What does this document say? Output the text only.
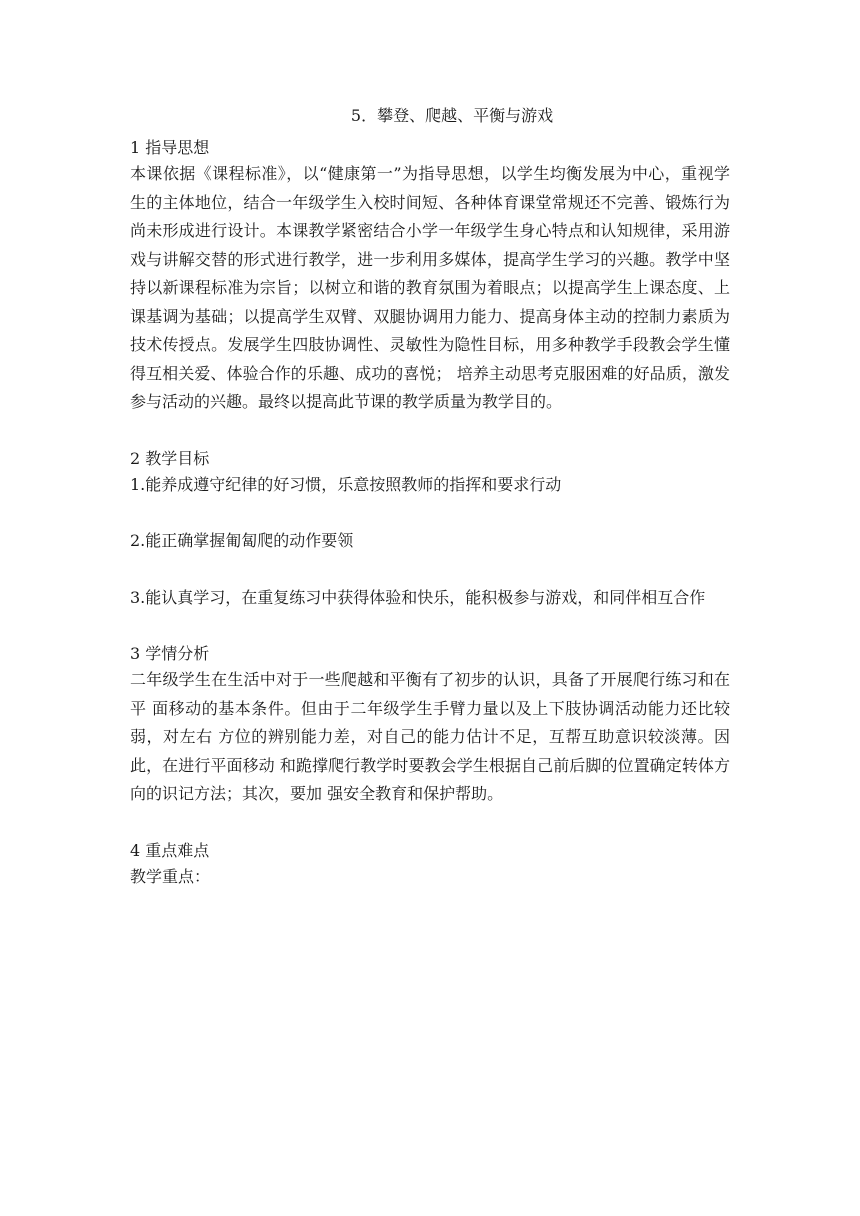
5．攀登、爬越、平衡与游戏

1 指导思想

本课依据《课程标准》，以“健康第一”为指导思想，以学生均衡发展为中心，重视学生的主体地位，结合一年级学生入校时间短、各种体育课堂常规还不完善、锻炼行为尚未形成进行设计。本课教学紧密结合小学一年级学生身心特点和认知规律，采用游戏与讲解交替的形式进行教学，进一步利用多媒体，提高学生学习的兴趣。教学中坚持以新课程标准为宗旨；以树立和谐的教育氛围为着眼点；以提高学生上课态度、上课基调为基础；以提高学生双臂、双腿协调用力能力、提高身体主动的控制力素质为技术传授点。发展学生四肢协调性、灵敏性为隐性目标，用多种教学手段教会学生懂得互相关爱、体验合作的乐趣、成功的喜悦； 培养主动思考克服困难的好品质，激发参与活动的兴趣。最终以提高此节课的教学质量为教学目的。

2 教学目标

1.能养成遵守纪律的好习惯，乐意按照教师的指挥和要求行动

2.能正确掌握匍匐爬的动作要领

3.能认真学习，在重复练习中获得体验和快乐，能积极参与游戏，和同伴相互合作

3 学情分析

二年级学生在生活中对于一些爬越和平衡有了初步的认识，具备了开展爬行练习和在平 面移动的基本条件。但由于二年级学生手臂力量以及上下肢协调活动能力还比较弱，对左右 方位的辨别能力差，对自己的能力估计不足，互帮互助意识较淡薄。因此，在进行平面移动 和跪撑爬行教学时要教会学生根据自己前后脚的位置确定转体方向的识记方法；其次，要加 强安全教育和保护帮助。

4 重点难点

教学重点：
